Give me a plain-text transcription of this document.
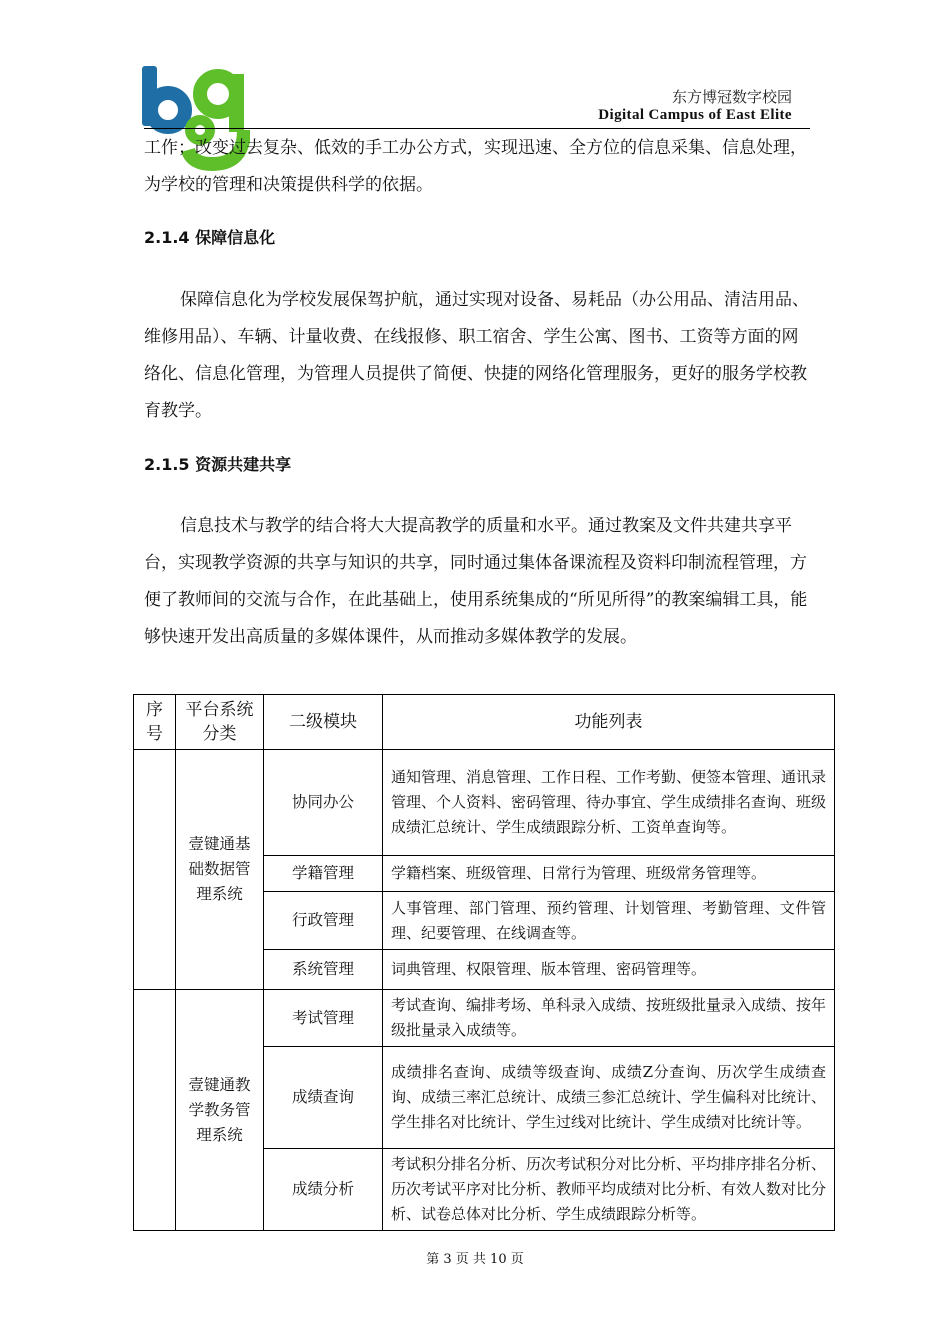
东方博冠数字校园
Digital Campus of East Elite

工作；改变过去复杂、低效的手工办公方式，实现迅速、全方位的信息采集、信息处理，为学校的管理和决策提供科学的依据。

2.1.4 保障信息化

保障信息化为学校发展保驾护航，通过实现对设备、易耗品（办公用品、清洁用品、维修用品）、车辆、计量收费、在线报修、职工宿舍、学生公寓、图书、工资等方面的网络化、信息化管理，为管理人员提供了简便、快捷的网络化管理服务，更好的服务学校教育教学。

2.1.5 资源共建共享

信息技术与教学的结合将大大提高教学的质量和水平。通过教案及文件共建共享平台，实现教学资源的共享与知识的共享，同时通过集体备课流程及资料印制流程管理，方便了教师间的交流与合作，在此基础上，使用系统集成的“所见所得”的教案编辑工具，能够快速开发出高质量的多媒体课件，从而推动多媒体教学的发展。

序号	平台系统分类	二级模块	功能列表
	壹键通基础数据管理系统	协同办公	通知管理、消息管理、工作日程、工作考勤、便签本管理、通讯录管理、个人资料、密码管理、待办事宜、学生成绩排名查询、班级成绩汇总统计、学生成绩跟踪分析、工资单查询等。
		学籍管理	学籍档案、班级管理、日常行为管理、班级常务管理等。
		行政管理	人事管理、部门管理、预约管理、计划管理、考勤管理、文件管理、纪要管理、在线调查等。
		系统管理	词典管理、权限管理、版本管理、密码管理等。
	壹键通教学教务管理系统	考试管理	考试查询、编排考场、单科录入成绩、按班级批量录入成绩、按年级批量录入成绩等。
		成绩查询	成绩排名查询、成绩等级查询、成绩Z分查询、历次学生成绩查询、成绩三率汇总统计、成绩三参汇总统计、学生偏科对比统计、学生排名对比统计、学生过线对比统计、学生成绩对比统计等。
		成绩分析	考试积分排名分析、历次考试积分对比分析、平均排序排名分析、历次考试平序对比分析、教师平均成绩对比分析、有效人数对比分析、试卷总体对比分析、学生成绩跟踪分析等。
第 3 页 共 10 页
